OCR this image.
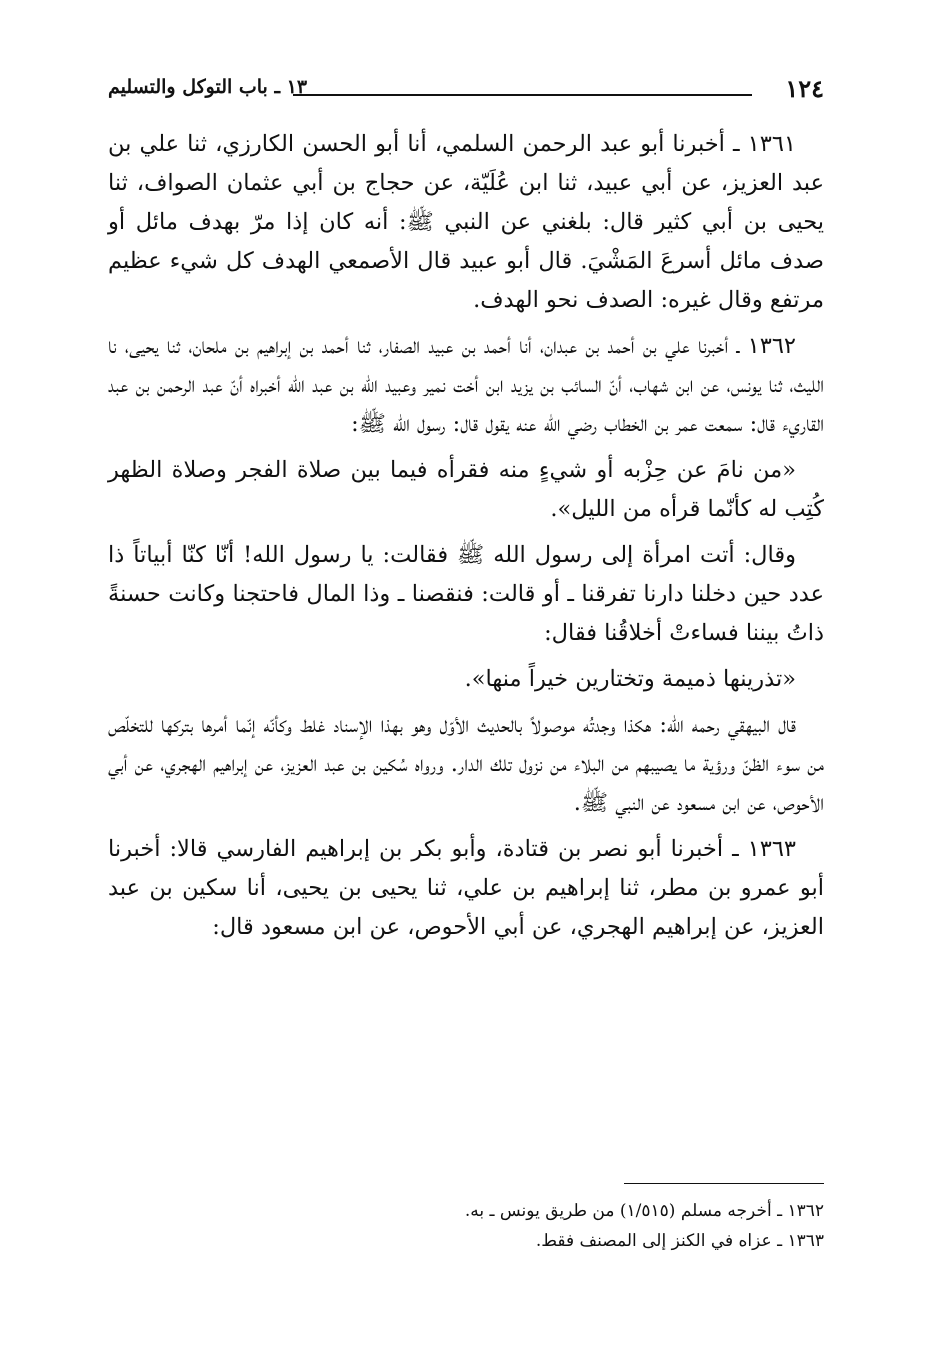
١٢٤
١٣ ـ باب التوكل والتسليم

١٣٦١ ـ أخبرنا أبو عبد الرحمن السلمي، أنا أبو الحسن الكارزي، ثنا علي بن عبد العزيز، عن أبي عبيد، ثنا ابن عُلَيّة، عن حجاج بن أبي عثمان الصواف، ثنا يحيى بن أبي كثير قال: بلغني عن النبي ﷺ: أنه كان إذا مرّ بهدف مائل أو صدف مائل أسرعَ المَشْيَ. قال أبو عبيد قال الأصمعي الهدف كل شيء عظيم مرتفع وقال غيره: الصدف نحو الهدف.

١٣٦٢ ـ أخبرنا علي بن أحمد بن عبدان، أنا أحمد بن عبيد الصفار، ثنا أحمد بن إبراهيم بن ملحان، ثنا يحيى، نا الليث، ثنا يونس، عن ابن شهاب، أنّ السائب بن يزيد ابن أخت نمير وعبيد الله بن عبد الله أخبراه أنّ عبد الرحمن بن عبد القاريء قال: سمعت عمر بن الخطاب رضي الله عنه يقول قال: رسول الله ﷺ:

«من نامَ عن حِزْبه أو شيءٍ منه فقرأه فيما بين صلاة الفجر وصلاة الظهر كُتِب له كأنّما قرأه من الليل».

وقال: أتت امرأة إلى رسول الله ﷺ فقالت: يا رسول الله! أنّا كنّا أبياتاً ذا عدد حين دخلنا دارنا تفرقنا ـ أو قالت: فنقصنا ـ وذا المال فاحتجنا وكانت حسنةً ذاتُ بيننا فساءتْ أخلاقُنا فقال:

«تذرينها ذميمة وتختارين خيراً منها».

قال البيهقي رحمه الله: هكذا وجدتُه موصولاً بالحديث الأوّل وهو بهذا الإسناد غلط وكأنّه إنّما أمرها بتركها للتخلّص من سوء الظنّ ورؤية ما يصيبهم من البلاء من نزول تلك الدار. ورواه سُكين بن عبد العزيز، عن إبراهيم الهجري، عن أبي الأحوص، عن ابن مسعود عن النبي ﷺ.

١٣٦٣ ـ أخبرنا أبو نصر بن قتادة، وأبو بكر بن إبراهيم الفارسي قالا: أخبرنا أبو عمرو بن مطر، ثنا إبراهيم بن علي، ثنا يحيى بن يحيى، أنا سكين بن عبد العزيز، عن إبراهيم الهجري، عن أبي الأحوص، عن ابن مسعود قال:

١٣٦٢ ـ أخرجه مسلم (١/٥١٥) من طريق يونس ـ به.

١٣٦٣ ـ عزاه في الكنز إلى المصنف فقط.
